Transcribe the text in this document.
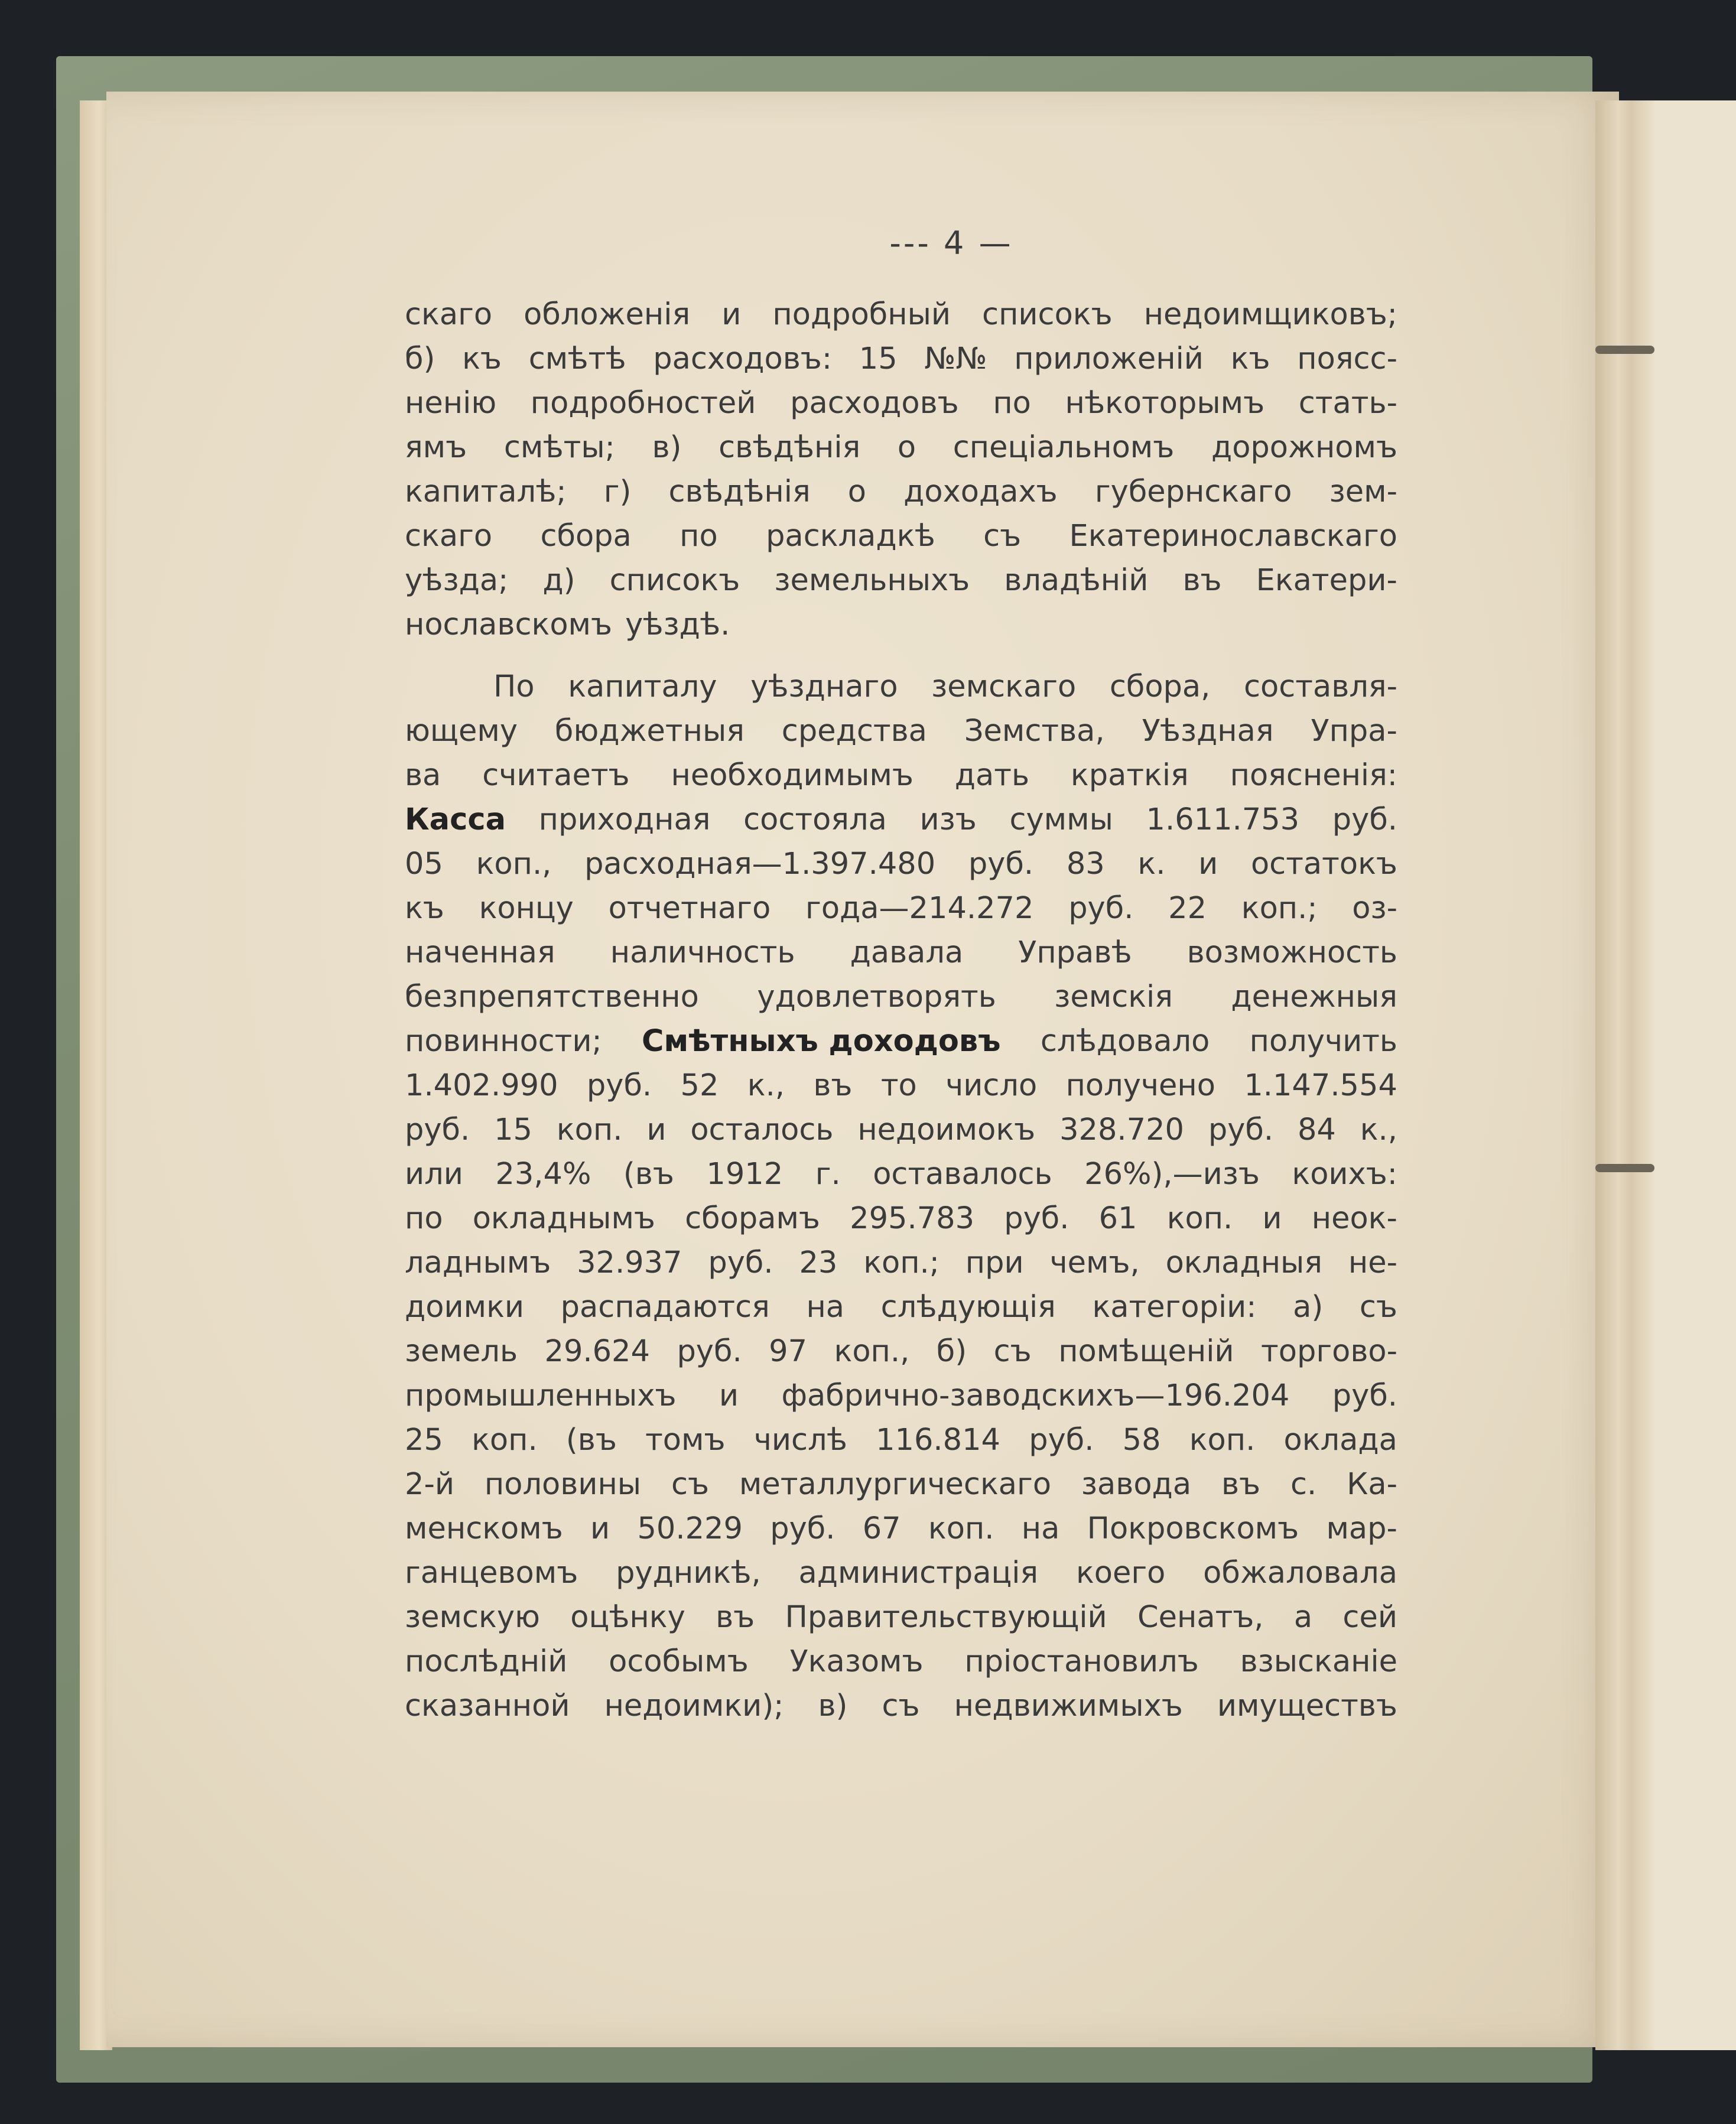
--- 4 —
скаго обложенія и подробный списокъ недоимщиковъ;
б) къ смѣтѣ расходовъ: 15 №№ приложеній къ поясс-
ненію подробностей расходовъ по нѣкоторымъ стать-
ямъ смѣты; в) свѣдѣнія о спеціальномъ дорожномъ
капиталѣ; г) свѣдѣнія о доходахъ губернскаго зем-
скаго сбора по раскладкѣ съ Екатеринославскаго
уѣзда; д) списокъ земельныхъ владѣній въ Екатери-
нославскомъ уѣздѣ.
По капиталу уѣзднаго земскаго сбора, составля-
ющему бюджетныя средства Земства, Уѣздная Упра-
ва считаетъ необходимымъ дать краткія поясненія:
Касса приходная состояла изъ суммы 1.611.753 руб.
05 коп., расходная—1.397.480 руб. 83 к. и остатокъ
къ концу отчетнаго года—214.272 руб. 22 коп.; оз-
наченная наличность давала Управѣ возможность
безпрепятственно удовлетворять земскія денежныя
повинности; Смѣтныхъ доходовъ слѣдовало получить
1.402.990 руб. 52 к., въ то число получено 1.147.554
руб. 15 коп. и осталось недоимокъ 328.720 руб. 84 к.,
или 23,4% (въ 1912 г. оставалось 26%),—изъ коихъ:
по окладнымъ сборамъ 295.783 руб. 61 коп. и неок-
ладнымъ 32.937 руб. 23 коп.; при чемъ, окладныя не-
доимки распадаются на слѣдующія категоріи: а) съ
земель 29.624 руб. 97 коп., б) съ помѣщеній торгово-
промышленныхъ и фабрично-заводскихъ—196.204 руб.
25 коп. (въ томъ числѣ 116.814 руб. 58 коп. оклада
2-й половины съ металлургическаго завода въ с. Ка-
менскомъ и 50.229 руб. 67 коп. на Покровскомъ мар-
ганцевомъ рудникѣ, администрація коего обжаловала
земскую оцѣнку въ Правительствующій Сенатъ, а сей
послѣдній особымъ Указомъ пріостановилъ взысканіе
сказанной недоимки); в) съ недвижимыхъ имуществъ
